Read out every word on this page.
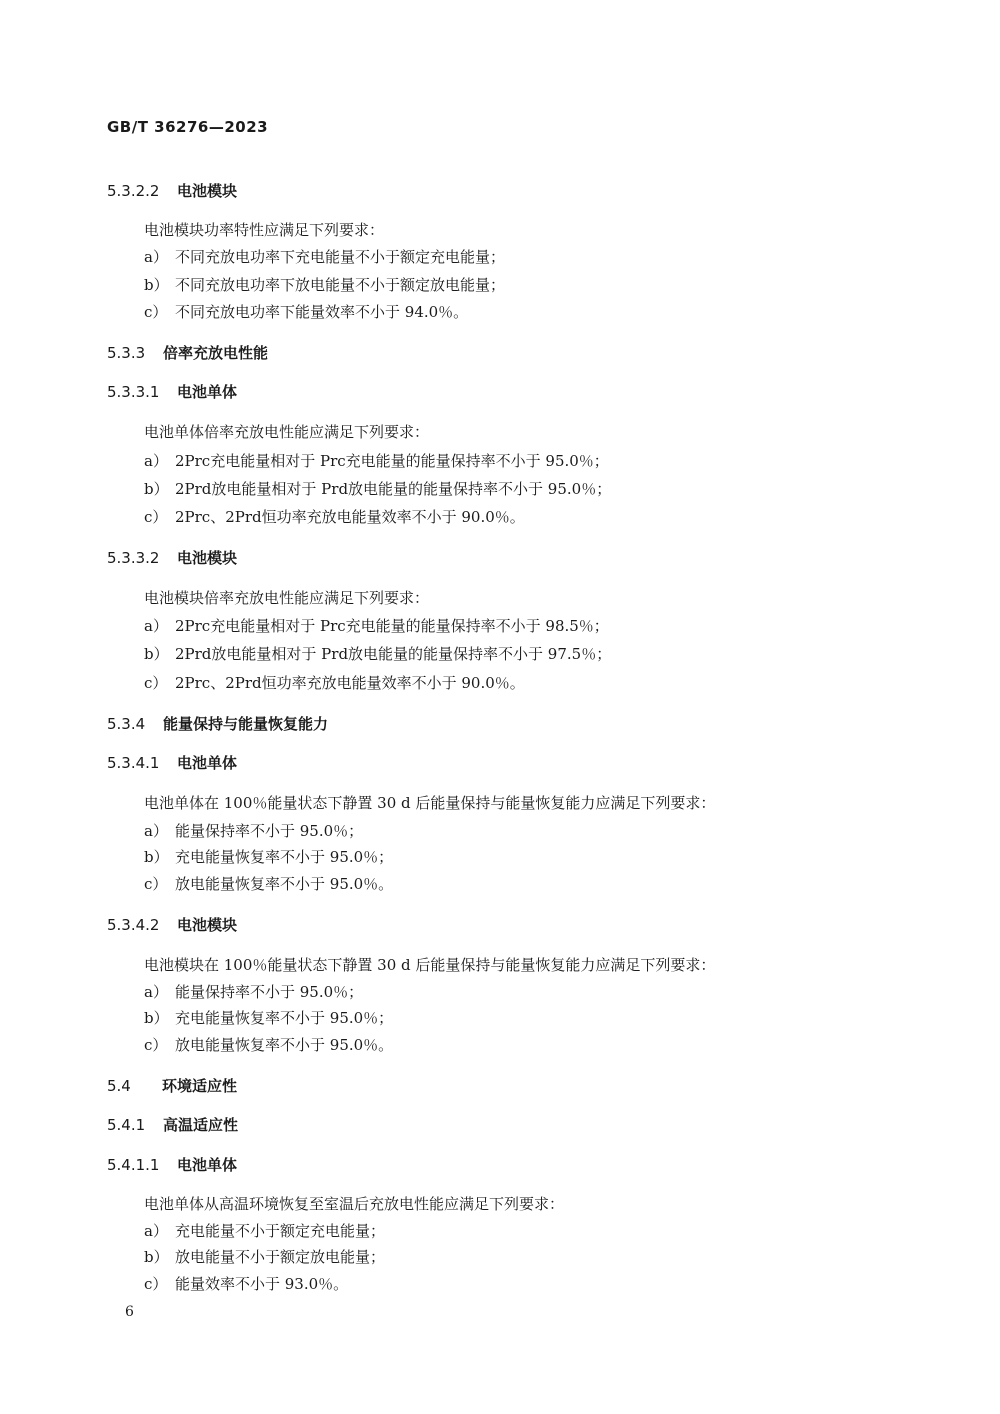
GB/T 36276—2023
5.3.2.2 电池模块
电池模块功率特性应满足下列要求：
a） 不同充放电功率下充电能量不小于额定充电能量；
b） 不同充放电功率下放电能量不小于额定放电能量；
c） 不同充放电功率下能量效率不小于 94.0％。
5.3.3 倍率充放电性能
5.3.3.1 电池单体
电池单体倍率充放电性能应满足下列要求：
a） 2Prc充电能量相对于 Prc充电能量的能量保持率不小于 95.0％；
b） 2Prd放电能量相对于 Prd放电能量的能量保持率不小于 95.0％；
c） 2Prc、2Prd恒功率充放电能量效率不小于 90.0％。
5.3.3.2 电池模块
电池模块倍率充放电性能应满足下列要求：
a） 2Prc充电能量相对于 Prc充电能量的能量保持率不小于 98.5％；
b） 2Prd放电能量相对于 Prd放电能量的能量保持率不小于 97.5％；
c） 2Prc、2Prd恒功率充放电能量效率不小于 90.0％。
5.3.4 能量保持与能量恢复能力
5.3.4.1 电池单体
电池单体在 100％能量状态下静置 30 d 后能量保持与能量恢复能力应满足下列要求：
a） 能量保持率不小于 95.0％；
b） 充电能量恢复率不小于 95.0％；
c） 放电能量恢复率不小于 95.0％。
5.3.4.2 电池模块
电池模块在 100％能量状态下静置 30 d 后能量保持与能量恢复能力应满足下列要求：
a） 能量保持率不小于 95.0％；
b） 充电能量恢复率不小于 95.0％；
c） 放电能量恢复率不小于 95.0％。
5.4 环境适应性
5.4.1 高温适应性
5.4.1.1 电池单体
电池单体从高温环境恢复至室温后充放电性能应满足下列要求：
a） 充电能量不小于额定充电能量；
b） 放电能量不小于额定放电能量；
c） 能量效率不小于 93.0％。
6
